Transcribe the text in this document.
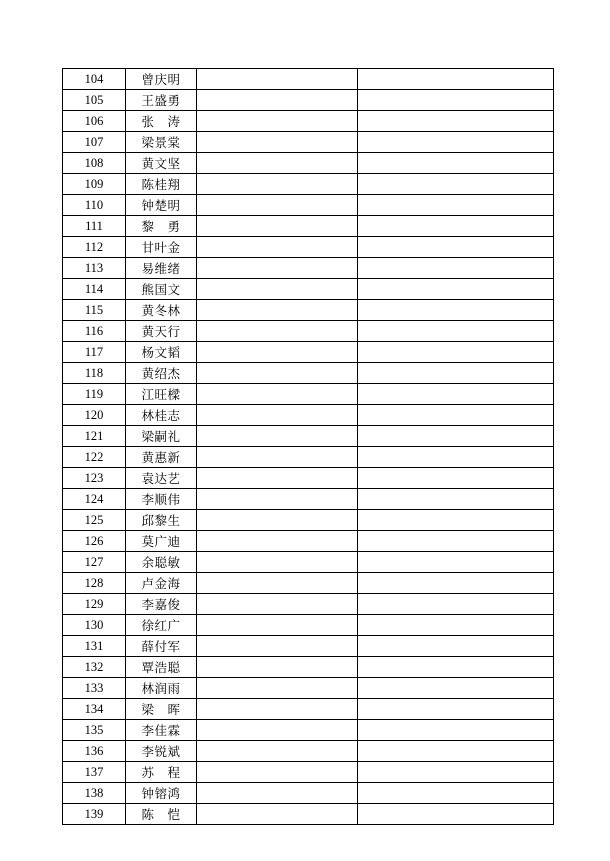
104	曾庆明		

105	王盛勇		

106	张　涛		

107	梁景棠		

108	黄文坚		

109	陈桂翔		

110	钟楚明		

111	黎　勇		

112	甘叶金		

113	易维绪		

114	熊国文		

115	黄冬林		

116	黄天行		

117	杨文韬		

118	黄绍杰		

119	江旺樑		

120	林桂志		

121	梁嗣礼		

122	黄惠新		

123	袁达艺		

124	李顺伟		

125	邱黎生		

126	莫广迪		

127	余聪敏		

128	卢金海		

129	李嘉俊		

130	徐红广		

131	薛付军		

132	覃浩聪		

133	林润雨		

134	梁　晖		

135	李佳霖		

136	李锐斌		

137	苏　程		

138	钟镕鸿		

139	陈　恺		
